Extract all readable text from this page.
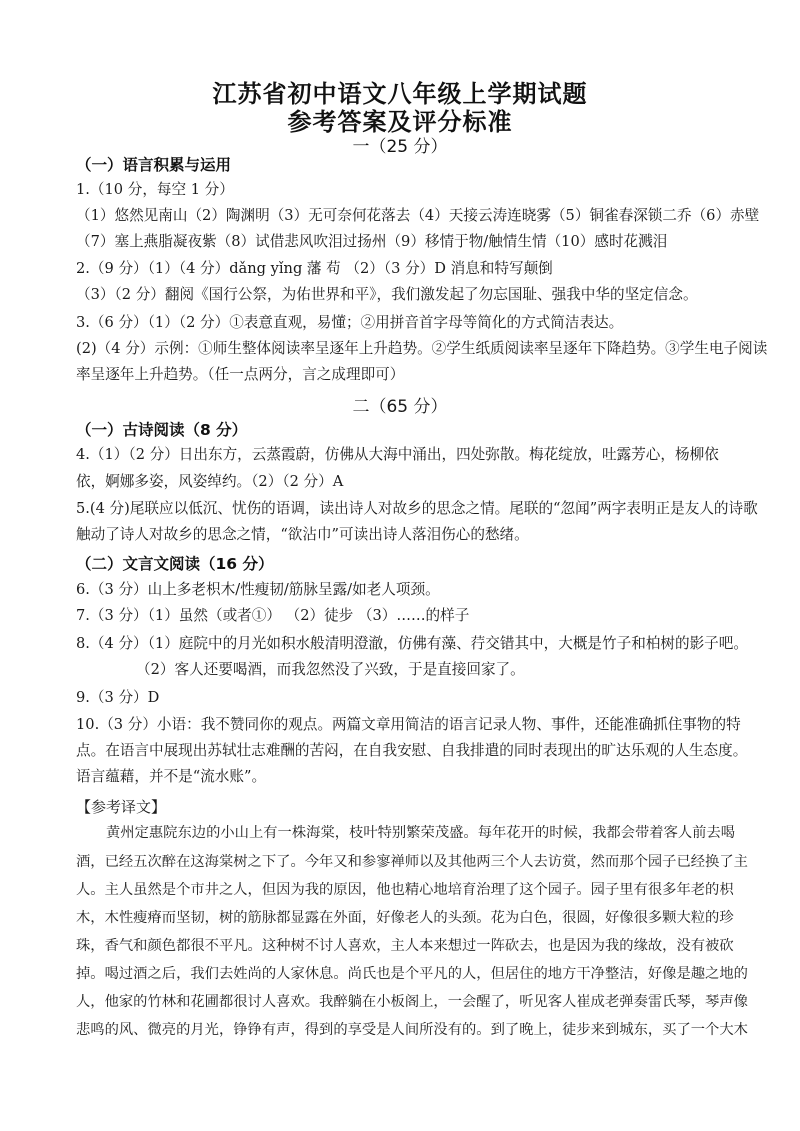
江苏省初中语文八年级上学期试题
参考答案及评分标准
一（25 分）
（一）语言积累与运用
1.（10 分，每空 1 分）
（1）悠然见南山（2）陶渊明（3）无可奈何花落去（4）天接云涛连晓雾（5）铜雀春深锁二乔（6）赤壁
（7）塞上燕脂凝夜紫（8）试借悲风吹泪过扬州（9）移情于物/触情生情（10）感时花溅泪
2.（9 分）（1）（4 分）dǎng yǐng 藩 苟 （2）（3 分）D 消息和特写颠倒
（3）（2 分）翻阅《国行公祭，为佑世界和平》，我们激发起了勿忘国耻、强我中华的坚定信念。
3.（6 分）（1）（2 分）①表意直观，易懂；②用拼音首字母等简化的方式简洁表达。
(2)（4 分）示例：①师生整体阅读率呈逐年上升趋势。②学生纸质阅读率呈逐年下降趋势。③学生电子阅读
率呈逐年上升趋势。（任一点两分，言之成理即可）
二（65 分）
（一）古诗阅读（8 分）
4.（1）（2 分）日出东方，云蒸霞蔚，仿佛从大海中涌出，四处弥散。梅花绽放，吐露芳心，杨柳依
依，婀娜多姿，风姿绰约。（2）（2 分）A
5.(4 分)尾联应以低沉、忧伤的语调，读出诗人对故乡的思念之情。尾联的“忽闻”两字表明正是友人的诗歌
触动了诗人对故乡的思念之情，“欲沾巾”可读出诗人落泪伤心的愁绪。
（二）文言文阅读（16 分）
6.（3 分）山上多老枳木/性瘦韧/筋脉呈露/如老人项颈。
7.（3 分）（1）虽然（或者①） （2）徒步 （3）……的样子
8.（4 分）（1）庭院中的月光如积水般清明澄澈，仿佛有藻、荇交错其中，大概是竹子和柏树的影子吧。
（2）客人还要喝酒，而我忽然没了兴致，于是直接回家了。
9.（3 分）D
10.（3 分）小语：我不赞同你的观点。两篇文章用简洁的语言记录人物、事件，还能准确抓住事物的特
点。在语言中展现出苏轼壮志难酬的苦闷，在自我安慰、自我排遣的同时表现出的旷达乐观的人生态度。
语言蕴藉，并不是“流水账”。
【参考译文】
黄州定惠院东边的小山上有一株海棠，枝叶特别繁荣茂盛。每年花开的时候，我都会带着客人前去喝
酒，已经五次醉在这海棠树之下了。今年又和参寥禅师以及其他两三个人去访赏，然而那个园子已经换了主
人。主人虽然是个市井之人，但因为我的原因，他也精心地培育治理了这个园子。园子里有很多年老的枳
木，木性瘦瘠而坚韧，树的筋脉都显露在外面，好像老人的头颈。花为白色，很圆，好像很多颗大粒的珍
珠，香气和颜色都很不平凡。这种树不讨人喜欢，主人本来想过一阵砍去，也是因为我的缘故，没有被砍
掉。喝过酒之后，我们去姓尚的人家休息。尚氏也是个平凡的人，但居住的地方干净整洁，好像是趣之地的
人，他家的竹林和花圃都很讨人喜欢。我醉躺在小板阁上，一会醒了，听见客人崔成老弹奏雷氏琴，琴声像
悲鸣的风、微亮的月光，铮铮有声，得到的享受是人间所没有的。到了晚上，徒步来到城东，买了一个大木
